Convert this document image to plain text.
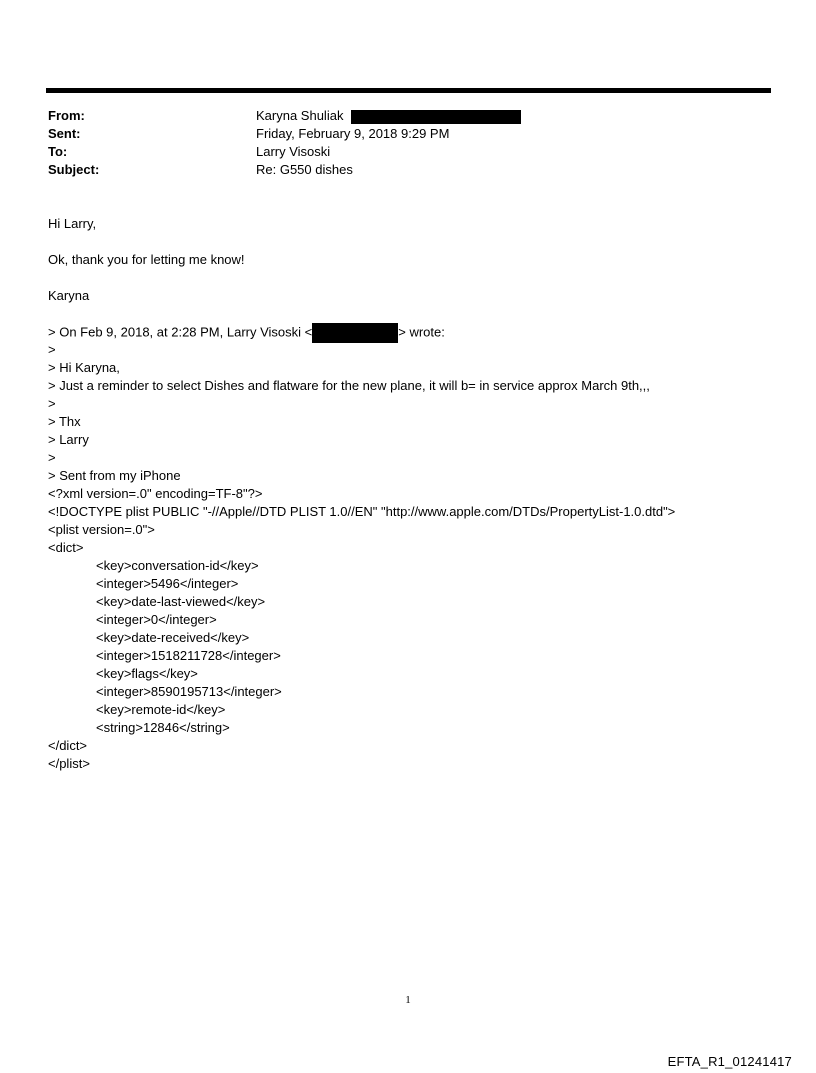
From:	Karyna Shuliak
Sent:	Friday, February 9, 2018 9:29 PM
To:	Larry Visoski
Subject:	Re: G550 dishes
Hi Larry,
Ok, thank you for letting me know!
Karyna
> On Feb 9, 2018, at 2:28 PM, Larry Visoski <	> wrote:
>
> Hi Karyna,
> Just a reminder to select Dishes and flatware for the new plane, it will b= in service approx March 9th,,,
>
> Thx
> Larry
>
> Sent from my iPhone
<?xml version=.0" encoding=TF-8"?>
<!DOCTYPE plist PUBLIC "-//Apple//DTD PLIST 1.0//EN" "http://www.apple.com/DTDs/PropertyList-1.0.dtd">
<plist version=.0">
<dict>
<key>conversation-id</key>
<integer>5496</integer>
<key>date-last-viewed</key>
<integer>0</integer>
<key>date-received</key>
<integer>1518211728</integer>
<key>flags</key>
<integer>8590195713</integer>
<key>remote-id</key>
<string>12846</string>
</dict>
</plist>
1
EFTA_R1_01241417
